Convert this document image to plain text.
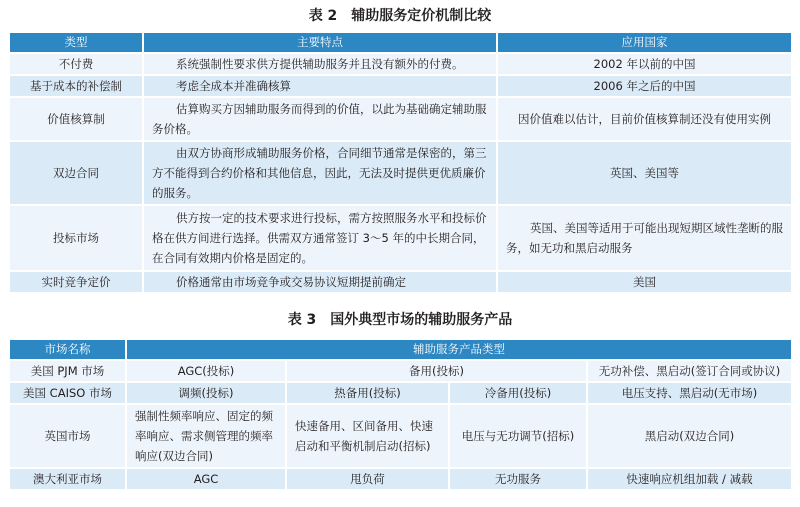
表 2　辅助服务定价机制比较
类型	主要特点	应用国家
不付费	系统强制性要求供方提供辅助服务并且没有额外的付费。	2002 年以前的中国
基于成本的补偿制	考虑全成本并准确核算	2006 年之后的中国
价值核算制	估算购买方因辅助服务而得到的价值，以此为基础确定辅助服务价格。	因价值难以估计，目前价值核算制还没有使用实例
双边合同	由双方协商形成辅助服务价格，合同细节通常是保密的，第三方不能得到合约价格和其他信息，因此，无法及时提供更优质廉价的服务。	英国、美国等
投标市场	供方按一定的技术要求进行投标，需方按照服务水平和投标价格在供方间进行选择。供需双方通常签订 3～5 年的中长期合同，在合同有效期内价格是固定的。	英国、美国等适用于可能出现短期区域性垄断的服务，如无功和黑启动服务
实时竞争定价	价格通常由市场竞争或交易协议短期提前确定	美国
表 3　国外典型市场的辅助服务产品
市场名称	辅助服务产品类型			
美国 PJM 市场	AGC(投标)	备用(投标)		无功补偿、黑启动(签订合同或协议)
美国 CAISO 市场	调频(投标)	热备用(投标)	冷备用(投标)	电压支持、黑启动(无市场)
英国市场	强制性频率响应、固定的频率响应、需求侧管理的频率响应(双边合同)	快速备用、区间备用、快速启动和平衡机制启动(招标)	电压与无功调节(招标)	黑启动(双边合同)
澳大利亚市场	AGC	甩负荷	无功服务	快速响应机组加载 / 减载
